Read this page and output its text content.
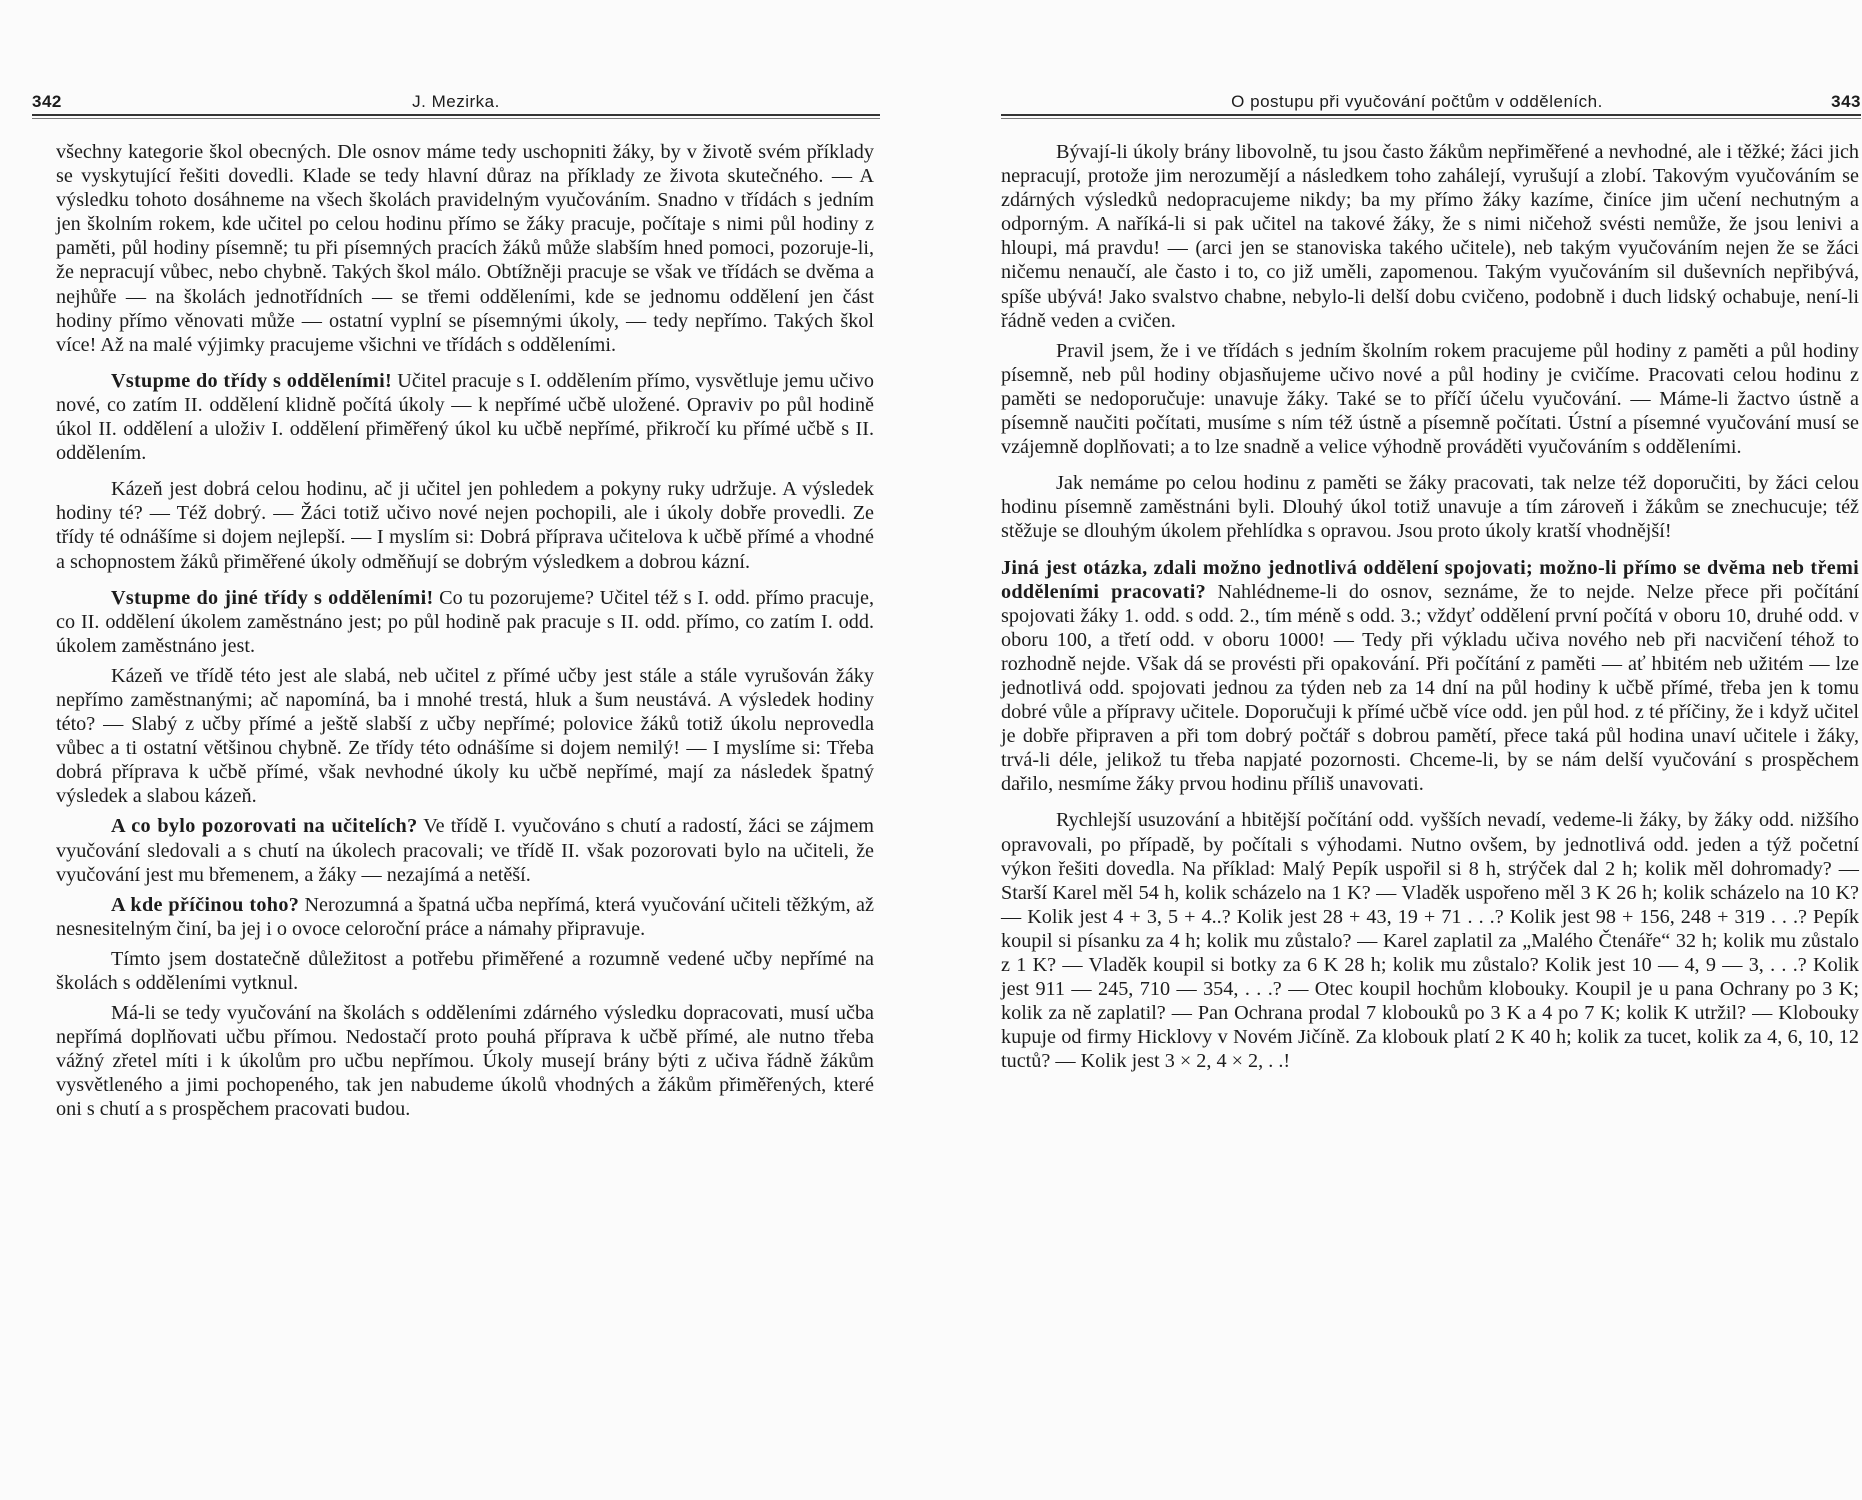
342	J. Mezirka.

všechny kategorie škol obecných. Dle osnov máme tedy uschopniti žáky, by v životě svém příklady se vyskytující řešiti dovedli. Klade se tedy hlavní důraz na příklady ze života skutečného. — A výsledku tohoto dosáhneme na všech školách pravidelným vyučováním. Snadno v třídách s jedním jen školním rokem, kde učitel po celou hodinu přímo se žáky pracuje, počítaje s nimi půl hodiny z paměti, půl hodiny písemně; tu při písemných pracích žáků může slabším hned pomoci, pozoruje-li, že nepracují vůbec, nebo chybně. Takých škol málo. Obtížněji pracuje se však ve třídách se dvěma a nejhůře — na školách jednotřídních — se třemi odděleními, kde se jednomu oddělení jen část hodiny přímo věnovati může — ostatní vyplní se písemnými úkoly, — tedy nepřímo. Takých škol více! Až na malé výjimky pracujeme všichni ve třídách s odděleními.

Vstupme do třídy s odděleními! Učitel pracuje s I. oddělením přímo, vysvětluje jemu učivo nové, co zatím II. oddělení klidně počítá úkoly — k nepřímé učbě uložené. Opraviv po půl hodině úkol II. oddělení a uloživ I. oddělení přiměřený úkol ku učbě nepřímé, přikročí ku přímé učbě s II. oddělením.

Kázeň jest dobrá celou hodinu, ač ji učitel jen pohledem a pokyny ruky udržuje. A výsledek hodiny té? — Též dobrý. — Žáci totiž učivo nové nejen pochopili, ale i úkoly dobře provedli. Ze třídy té odnášíme si dojem nejlepší. — I myslím si: Dobrá příprava učitelova k učbě přímé a vhodné a schopnostem žáků přiměřené úkoly odměňují se dobrým výsledkem a dobrou kázní.

Vstupme do jiné třídy s odděleními! Co tu pozorujeme? Učitel též s I. odd. přímo pracuje, co II. oddělení úkolem zaměstnáno jest; po půl hodině pak pracuje s II. odd. přímo, co zatím I. odd. úkolem zaměstnáno jest.

Kázeň ve třídě této jest ale slabá, neb učitel z přímé učby jest stále a stále vyrušován žáky nepřímo zaměstnanými; ač napomíná, ba i mnohé trestá, hluk a šum neustává. A výsledek hodiny této? — Slabý z učby přímé a ještě slabší z učby nepřímé; polovice žáků totiž úkolu neprovedla vůbec a ti ostatní většinou chybně. Ze třídy této odnášíme si dojem nemilý! — I myslíme si: Třeba dobrá příprava k učbě přímé, však nevhodné úkoly ku učbě nepřímé, mají za následek špatný výsledek a slabou kázeň.

A co bylo pozorovati na učitelích? Ve třídě I. vyučováno s chutí a radostí, žáci se zájmem vyučování sledovali a s chutí na úkolech pracovali; ve třídě II. však pozorovati bylo na učiteli, že vyučování jest mu břemenem, a žáky — nezajímá a netěší.

A kde příčinou toho? Nerozumná a špatná učba nepřímá, která vyučování učiteli těžkým, až nesnesitelným činí, ba jej i o ovoce celoroční práce a námahy připravuje.

Tímto jsem dostatečně důležitost a potřebu přiměřené a rozumně vedené učby nepřímé na školách s odděleními vytknul.

Má-li se tedy vyučování na školách s odděleními zdárného výsledku dopracovati, musí učba nepřímá doplňovati učbu přímou. Nedostačí proto pouhá příprava k učbě přímé, ale nutno třeba vážný zřetel míti i k úkolům pro učbu nepřímou. Úkoly musejí brány býti z učiva řádně žákům vysvětleného a jimi pochopeného, tak jen nabudeme úkolů vhodných a žákům přiměřených, které oni s chutí a s prospěchem pracovati budou.

O postupu při vyučování počtům v odděleních.	343

Bývají-li úkoly brány libovolně, tu jsou často žákům nepřiměřené a nevhodné, ale i těžké; žáci jich nepracují, protože jim nerozumějí a následkem toho zahálejí, vyrušují a zlobí. Takovým vyučováním se zdárných výsledků nedopracujeme nikdy; ba my přímo žáky kazíme, činíce jim učení nechutným a odporným. A naříká-li si pak učitel na takové žáky, že s nimi ničehož svésti nemůže, že jsou lenivi a hloupi, má pravdu! — (arci jen se stanoviska takého učitele), neb takým vyučováním nejen že se žáci ničemu nenaučí, ale často i to, co již uměli, zapomenou. Takým vyučováním sil duševních nepřibývá, spíše ubývá! Jako svalstvo chabne, nebylo-li delší dobu cvičeno, podobně i duch lidský ochabuje, není-li řádně veden a cvičen.

Pravil jsem, že i ve třídách s jedním školním rokem pracujeme půl hodiny z paměti a půl hodiny písemně, neb půl hodiny objasňujeme učivo nové a půl hodiny je cvičíme. Pracovati celou hodinu z paměti se nedoporučuje: unavuje žáky. Také se to příčí účelu vyučování. — Máme-li žactvo ústně a písemně naučiti počítati, musíme s ním též ústně a písemně počítati. Ústní a písemné vyučování musí se vzájemně doplňovati; a to lze snadně a velice výhodně prováděti vyučováním s odděleními.

Jak nemáme po celou hodinu z paměti se žáky pracovati, tak nelze též doporučiti, by žáci celou hodinu písemně zaměstnáni byli. Dlouhý úkol totiž unavuje a tím zároveň i žákům se znechucuje; též stěžuje se dlouhým úkolem přehlídka s opravou. Jsou proto úkoly kratší vhodnější!

Jiná jest otázka, zdali možno jednotlivá oddělení spojovati; možno-li přímo se dvěma neb třemi odděleními pracovati? Nahlédneme-li do osnov, seznáme, že to nejde. Nelze přece při počítání spojovati žáky 1. odd. s odd. 2., tím méně s odd. 3.; vždyť oddělení první počítá v oboru 10, druhé odd. v oboru 100, a třetí odd. v oboru 1000! — Tedy při výkladu učiva nového neb při nacvičení téhož to rozhodně nejde. Však dá se provésti při opakování. Při počítání z paměti — ať hbitém neb užitém — lze jednotlivá odd. spojovati jednou za týden neb za 14 dní na půl hodiny k učbě přímé, třeba jen k tomu dobré vůle a přípravy učitele. Doporučuji k přímé učbě více odd. jen půl hod. z té příčiny, že i když učitel je dobře připraven a při tom dobrý počtář s dobrou pamětí, přece taká půl hodina unaví učitele i žáky, trvá-li déle, jelikož tu třeba napjaté pozornosti. Chceme-li, by se nám delší vyučování s prospěchem dařilo, nesmíme žáky prvou hodinu příliš unavovati.

Rychlejší usuzování a hbitější počítání odd. vyšších nevadí, vedeme-li žáky, by žáky odd. nižšího opravovali, po případě, by počítali s výhodami. Nutno ovšem, by jednotlivá odd. jeden a týž početní výkon řešiti dovedla. Na příklad: Malý Pepík uspořil si 8 h, strýček dal 2 h; kolik měl dohromady? — Starší Karel měl 54 h, kolik scházelo na 1 K? — Vladěk uspořeno měl 3 K 26 h; kolik scházelo na 10 K? — Kolik jest 4 + 3, 5 + 4..? Kolik jest 28 + 43, 19 + 71 . . .? Kolik jest 98 + 156, 248 + 319 . . .? Pepík koupil si písanku za 4 h; kolik mu zůstalo? — Karel zaplatil za „Malého Čtenáře“ 32 h; kolik mu zůstalo z 1 K? — Vladěk koupil si botky za 6 K 28 h; kolik mu zůstalo? Kolik jest 10 — 4, 9 — 3, . . .? Kolik jest 911 — 245, 710 — 354, . . .? — Otec koupil hochům klobouky. Koupil je u pana Ochrany po 3 K; kolik za ně zaplatil? — Pan Ochrana prodal 7 klobouků po 3 K a 4 po 7 K; kolik K utržil? — Klobouky kupuje od firmy Hicklovy v Novém Jičíně. Za klobouk platí 2 K 40 h; kolik za tucet, kolik za 4, 6, 10, 12 tuctů? — Kolik jest 3 × 2, 4 × 2, . .!
